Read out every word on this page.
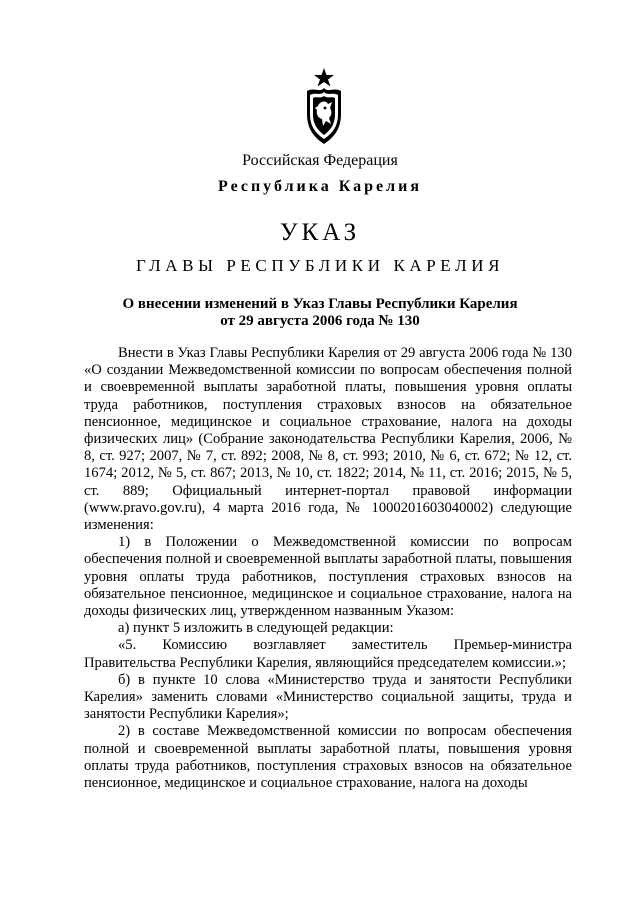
Российская Федерация
Республика Карелия
УКАЗ
ГЛАВЫ РЕСПУБЛИКИ КАРЕЛИЯ
О внесении изменений в Указ Главы Республики Карелия
от 29 августа 2006 года № 130

Внести в Указ Главы Республики Карелия от 29 августа 2006 года № 130 «О создании Межведомственной комиссии по вопросам обеспечения полной и своевременной выплаты заработной платы, повышения уровня оплаты труда работников, поступления страховых взносов на обязательное пенсионное, медицинское и социальное страхование, налога на доходы физических лиц» (Собрание законодательства Республики Карелия, 2006, № 8, ст. 927; 2007, № 7, ст. 892; 2008, № 8, ст. 993; 2010, № 6, ст. 672; № 12, ст. 1674; 2012, № 5, ст. 867; 2013, № 10, ст. 1822; 2014, № 11, ст. 2016; 2015, № 5, ст. 889; Официальный интернет-портал правовой информации (www.pravo.gov.ru), 4 марта 2016 года, № 1000201603040002) следующие изменения:

1) в Положении о Межведомственной комиссии по вопросам обеспечения полной и своевременной выплаты заработной платы, повышения уровня оплаты труда работников, поступления страховых взносов на обязательное пенсионное, медицинское и социальное страхование, налога на доходы физических лиц, утвержденном названным Указом:

а) пункт 5 изложить в следующей редакции:

«5. Комиссию возглавляет заместитель Премьер-министра Правительства Республики Карелия, являющийся председателем комиссии.»;

б) в пункте 10 слова «Министерство труда и занятости Республики Карелия» заменить словами «Министерство социальной защиты, труда и занятости Республики Карелия»;

2) в составе Межведомственной комиссии по вопросам обеспечения полной и своевременной выплаты заработной платы, повышения уровня оплаты труда работников, поступления страховых взносов на обязательное пенсионное, медицинское и социальное страхование, налога на доходы
